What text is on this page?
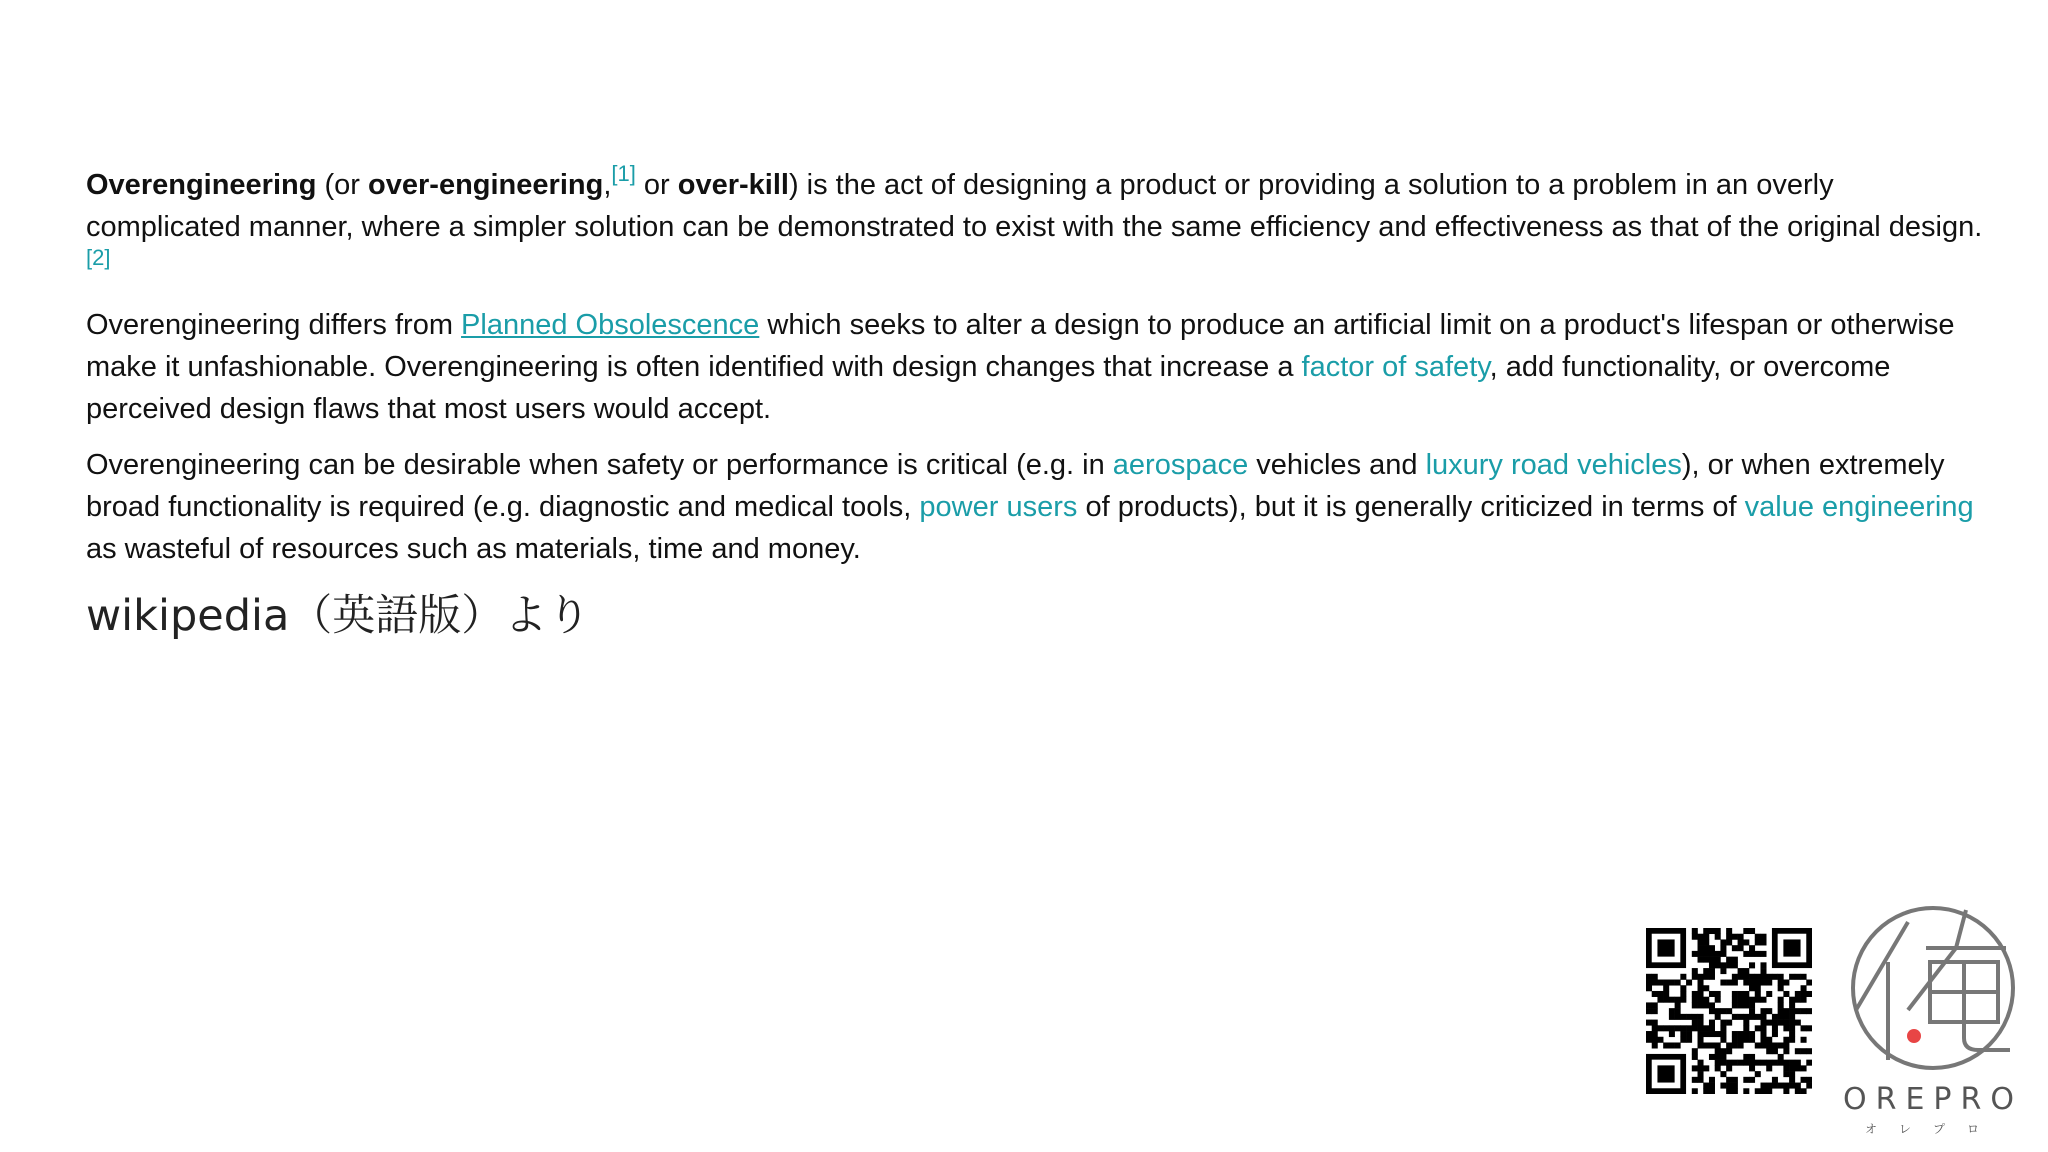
Overengineering (or over-engineering,[1] or over-kill) is the act of designing a product or providing a solution to a problem in an overly complicated manner, where a simpler solution can be demonstrated to exist with the same efficiency and effectiveness as that of the original design.[2]

Overengineering differs from Planned Obsolescence which seeks to alter a design to produce an artificial limit on a product's lifespan or otherwise make it unfashionable. Overengineering is often identified with design changes that increase a factor of safety, add functionality, or overcome perceived design flaws that most users would accept.

Overengineering can be desirable when safety or performance is critical (e.g. in aerospace vehicles and luxury road vehicles), or when extremely broad functionality is required (e.g. diagnostic and medical tools, power users of products), but it is generally criticized in terms of value engineering as wasteful of resources such as materials, time and money.

wikipedia（英語版）より
OREPRO
オレプロ
